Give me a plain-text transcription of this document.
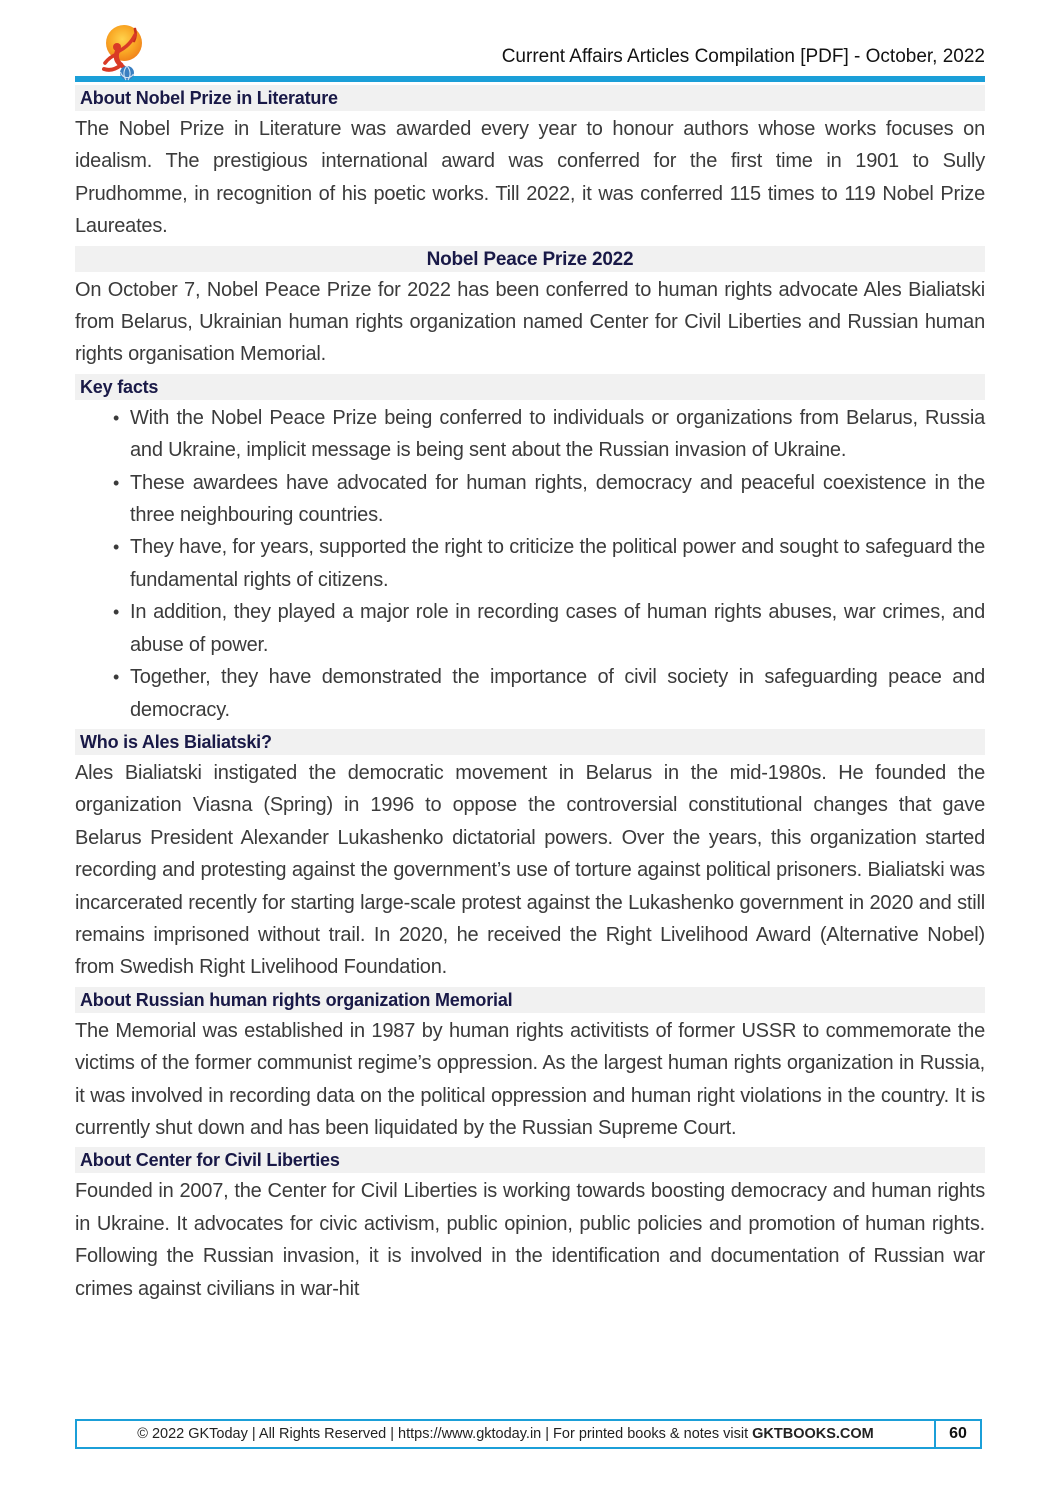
Current Affairs Articles Compilation [PDF] - October, 2022
About Nobel Prize in Literature

The Nobel Prize in Literature was awarded every year to honour authors whose works focuses on idealism. The prestigious international award was conferred for the first time in 1901 to Sully Prudhomme, in recognition of his poetic works. Till 2022, it was conferred 115 times to 119 Nobel Prize Laureates.

Nobel Peace Prize 2022

On October 7, Nobel Peace Prize for 2022 has been conferred to human rights advocate Ales Bialiatski from Belarus, Ukrainian human rights organization named Center for Civil Liberties and Russian human rights organisation Memorial.

Key facts
• With the Nobel Peace Prize being conferred to individuals or organizations from Belarus, Russia and Ukraine, implicit message is being sent about the Russian invasion of Ukraine.
• These awardees have advocated for human rights, democracy and peaceful coexistence in the three neighbouring countries.
• They have, for years, supported the right to criticize the political power and sought to safeguard the fundamental rights of citizens.
• In addition, they played a major role in recording cases of human rights abuses, war crimes, and abuse of power.
• Together, they have demonstrated the importance of civil society in safeguarding peace and democracy.
Who is Ales Bialiatski?

Ales Bialiatski instigated the democratic movement in Belarus in the mid-1980s. He founded the organization Viasna (Spring) in 1996 to oppose the controversial constitutional changes that gave Belarus President Alexander Lukashenko dictatorial powers. Over the years, this organization started recording and protesting against the government’s use of torture against political prisoners. Bialiatski was incarcerated recently for starting large-scale protest against the Lukashenko government in 2020 and still remains imprisoned without trail. In 2020, he received the Right Livelihood Award (Alternative Nobel) from Swedish Right Livelihood Foundation.

About Russian human rights organization Memorial

The Memorial was established in 1987 by human rights activitists of former USSR to commemorate the victims of the former communist regime’s oppression. As the largest human rights organization in Russia, it was involved in recording data on the political oppression and human right violations in the country. It is currently shut down and has been liquidated by the Russian Supreme Court.

About Center for Civil Liberties

Founded in 2007, the Center for Civil Liberties is working towards boosting democracy and human rights in Ukraine. It advocates for civic activism, public opinion, public policies and promotion of human rights. Following the Russian invasion, it is involved in the identification and documentation of Russian war crimes against civilians in war-hit

© 2022 GKToday | All Rights Reserved | https://www.gktoday.in | For printed books & notes visit GKTBOOKS.COM	60
